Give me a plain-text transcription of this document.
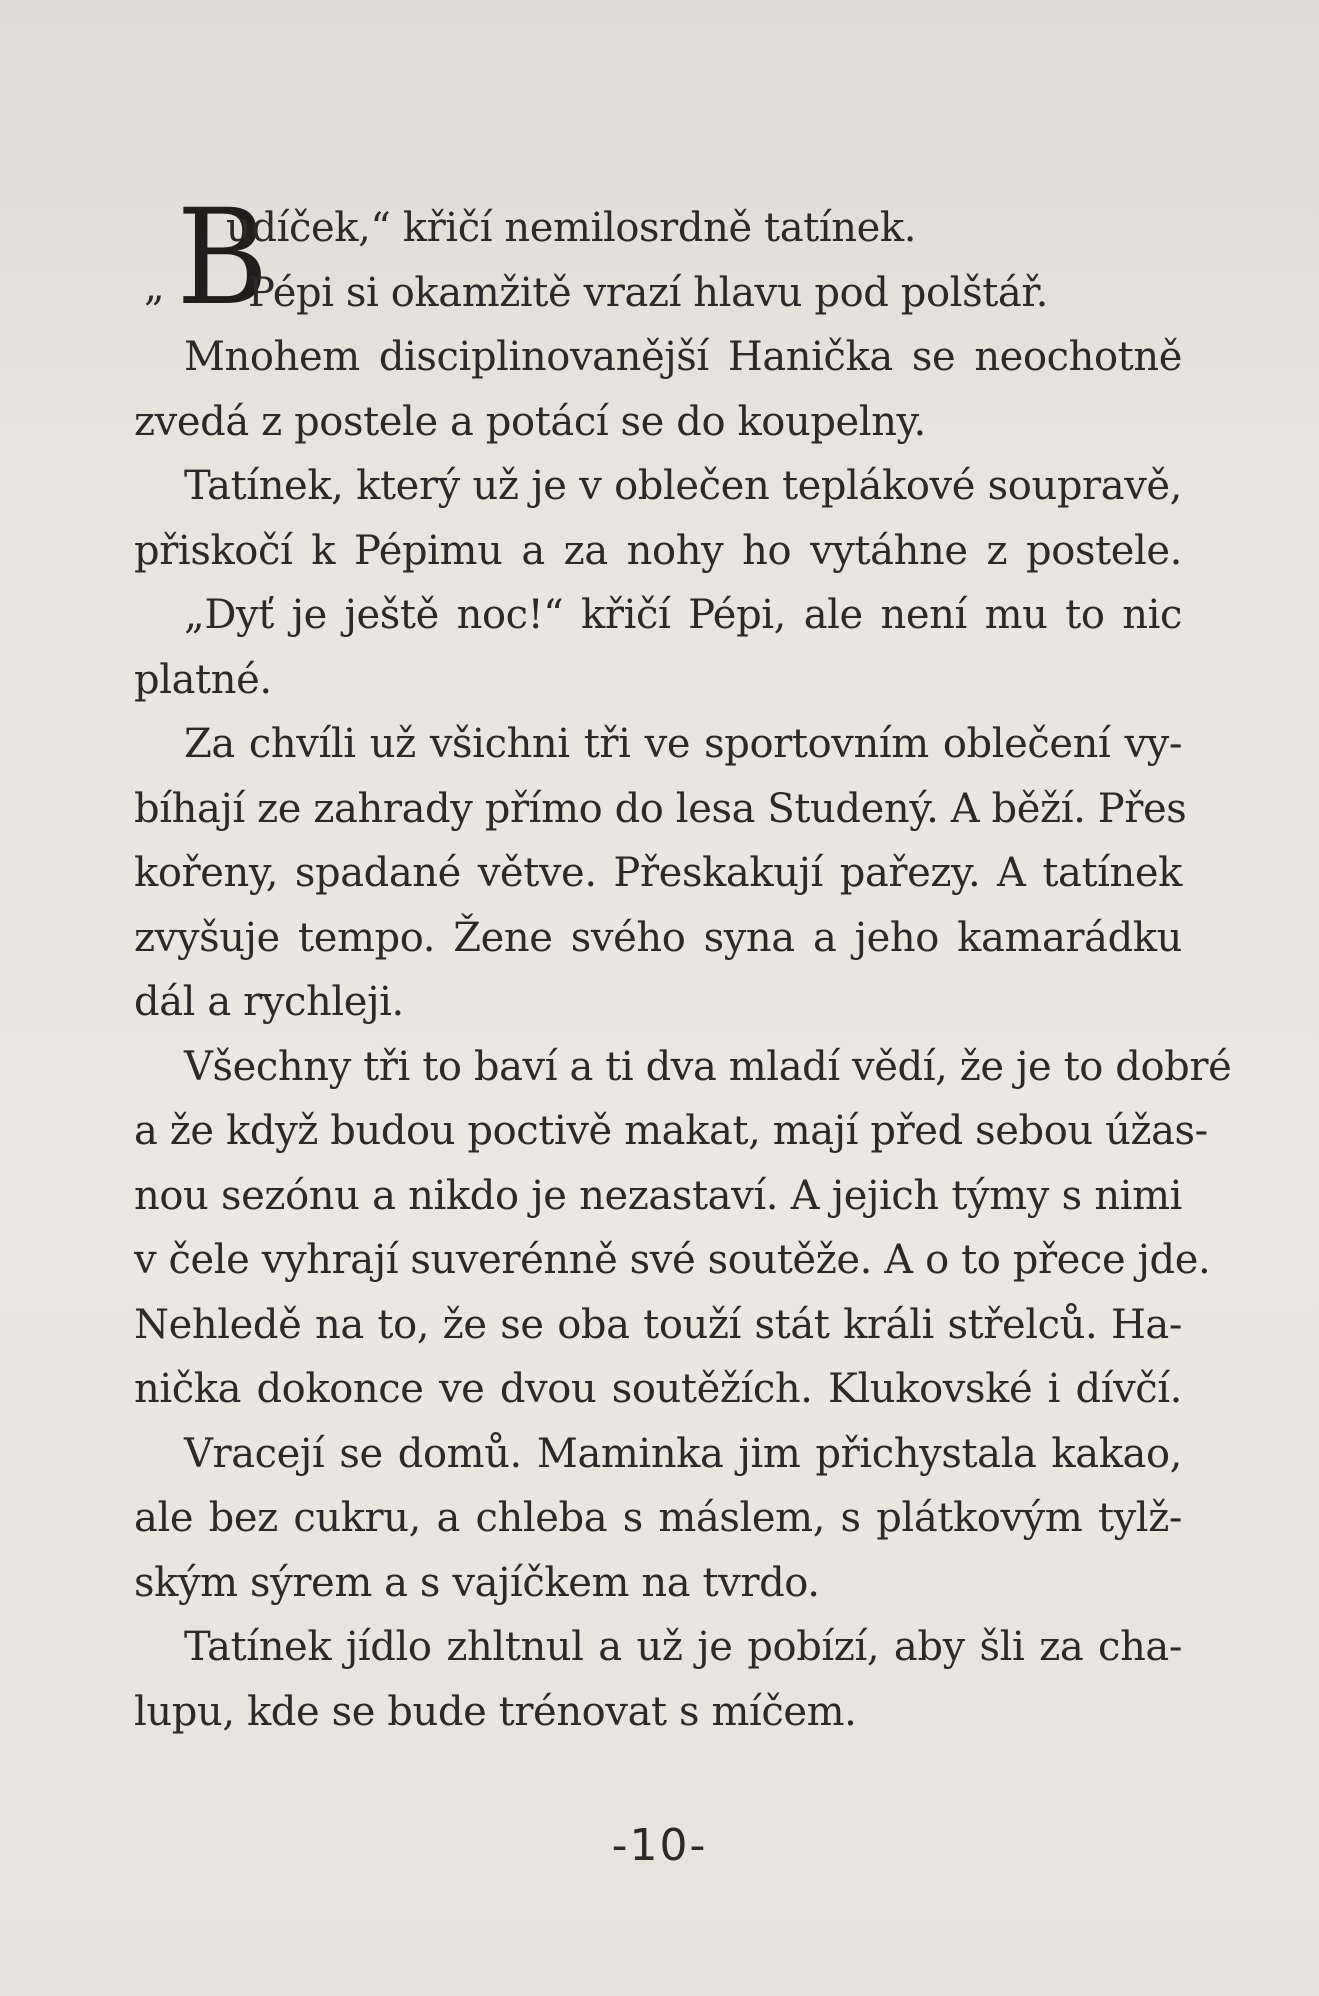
B
udíček,“ křičí nemilosrdně tatínek.
„ Pépi si okamžitě vrazí hlavu pod polštář.
Mnohem disciplinovanější Hanička se neochotně
zvedá z postele a potácí se do koupelny.
Tatínek, který už je v oblečen teplákové soupravě,
přiskočí k Pépimu a za nohy ho vytáhne z postele.
„Dyť je ještě noc!“ křičí Pépi, ale není mu to nic
platné.
Za chvíli už všichni tři ve sportovním oblečení vy-
bíhají ze zahrady přímo do lesa Studený. A běží. Přes
kořeny, spadané větve. Přeskakují pařezy. A tatínek
zvyšuje tempo. Žene svého syna a jeho kamarádku
dál a rychleji.
Všechny tři to baví a ti dva mladí vědí, že je to dobré
a že když budou poctivě makat, mají před sebou úžas-
nou sezónu a nikdo je nezastaví. A jejich týmy s nimi
v čele vyhrají suverénně své soutěže. A o to přece jde.
Nehledě na to, že se oba touží stát králi střelců. Ha-
nička dokonce ve dvou soutěžích. Klukovské i dívčí.
Vracejí se domů. Maminka jim přichystala kakao,
ale bez cukru, a chleba s máslem, s plátkovým tylž-
ským sýrem a s vajíčkem na tvrdo.
Tatínek jídlo zhltnul a už je pobízí, aby šli za cha-
lupu, kde se bude trénovat s míčem.
-10-
